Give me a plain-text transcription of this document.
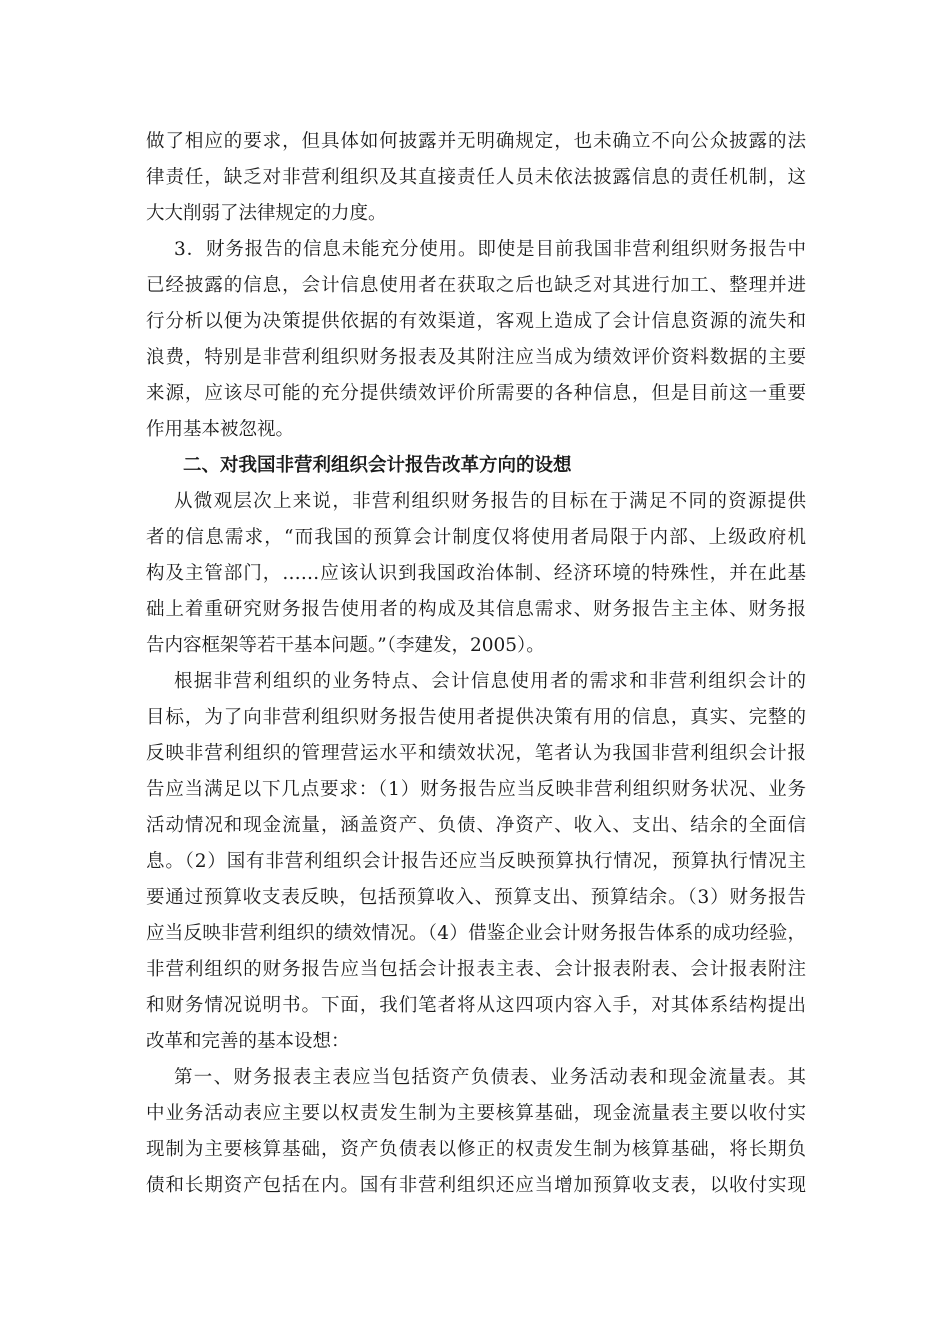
做了相应的要求，但具体如何披露并无明确规定，也未确立不向公众披露的法
律责任，缺乏对非营利组织及其直接责任人员未依法披露信息的责任机制，这
大大削弱了法律规定的力度。
3．财务报告的信息未能充分使用。即使是目前我国非营利组织财务报告中
已经披露的信息，会计信息使用者在获取之后也缺乏对其进行加工、整理并进
行分析以便为决策提供依据的有效渠道，客观上造成了会计信息资源的流失和
浪费，特别是非营利组织财务报表及其附注应当成为绩效评价资料数据的主要
来源，应该尽可能的充分提供绩效评价所需要的各种信息，但是目前这一重要
作用基本被忽视。
二、对我国非营利组织会计报告改革方向的设想
从微观层次上来说，非营利组织财务报告的目标在于满足不同的资源提供
者的信息需求，“而我国的预算会计制度仅将使用者局限于内部、上级政府机
构及主管部门，……应该认识到我国政治体制、经济环境的特殊性，并在此基
础上着重研究财务报告使用者的构成及其信息需求、财务报告主主体、财务报
告内容框架等若干基本问题。”（李建发，2005）。
根据非营利组织的业务特点、会计信息使用者的需求和非营利组织会计的
目标，为了向非营利组织财务报告使用者提供决策有用的信息，真实、完整的
反映非营利组织的管理营运水平和绩效状况，笔者认为我国非营利组织会计报
告应当满足以下几点要求：（1）财务报告应当反映非营利组织财务状况、业务
活动情况和现金流量，涵盖资产、负债、净资产、收入、支出、结余的全面信
息。（2）国有非营利组织会计报告还应当反映预算执行情况，预算执行情况主
要通过预算收支表反映，包括预算收入、预算支出、预算结余。（3）财务报告
应当反映非营利组织的绩效情况。（4）借鉴企业会计财务报告体系的成功经验，
非营利组织的财务报告应当包括会计报表主表、会计报表附表、会计报表附注
和财务情况说明书。下面，我们笔者将从这四项内容入手，对其体系结构提出
改革和完善的基本设想：
第一、财务报表主表应当包括资产负债表、业务活动表和现金流量表。其
中业务活动表应主要以权责发生制为主要核算基础，现金流量表主要以收付实
现制为主要核算基础，资产负债表以修正的权责发生制为核算基础，将长期负
债和长期资产包括在内。国有非营利组织还应当增加预算收支表，以收付实现
